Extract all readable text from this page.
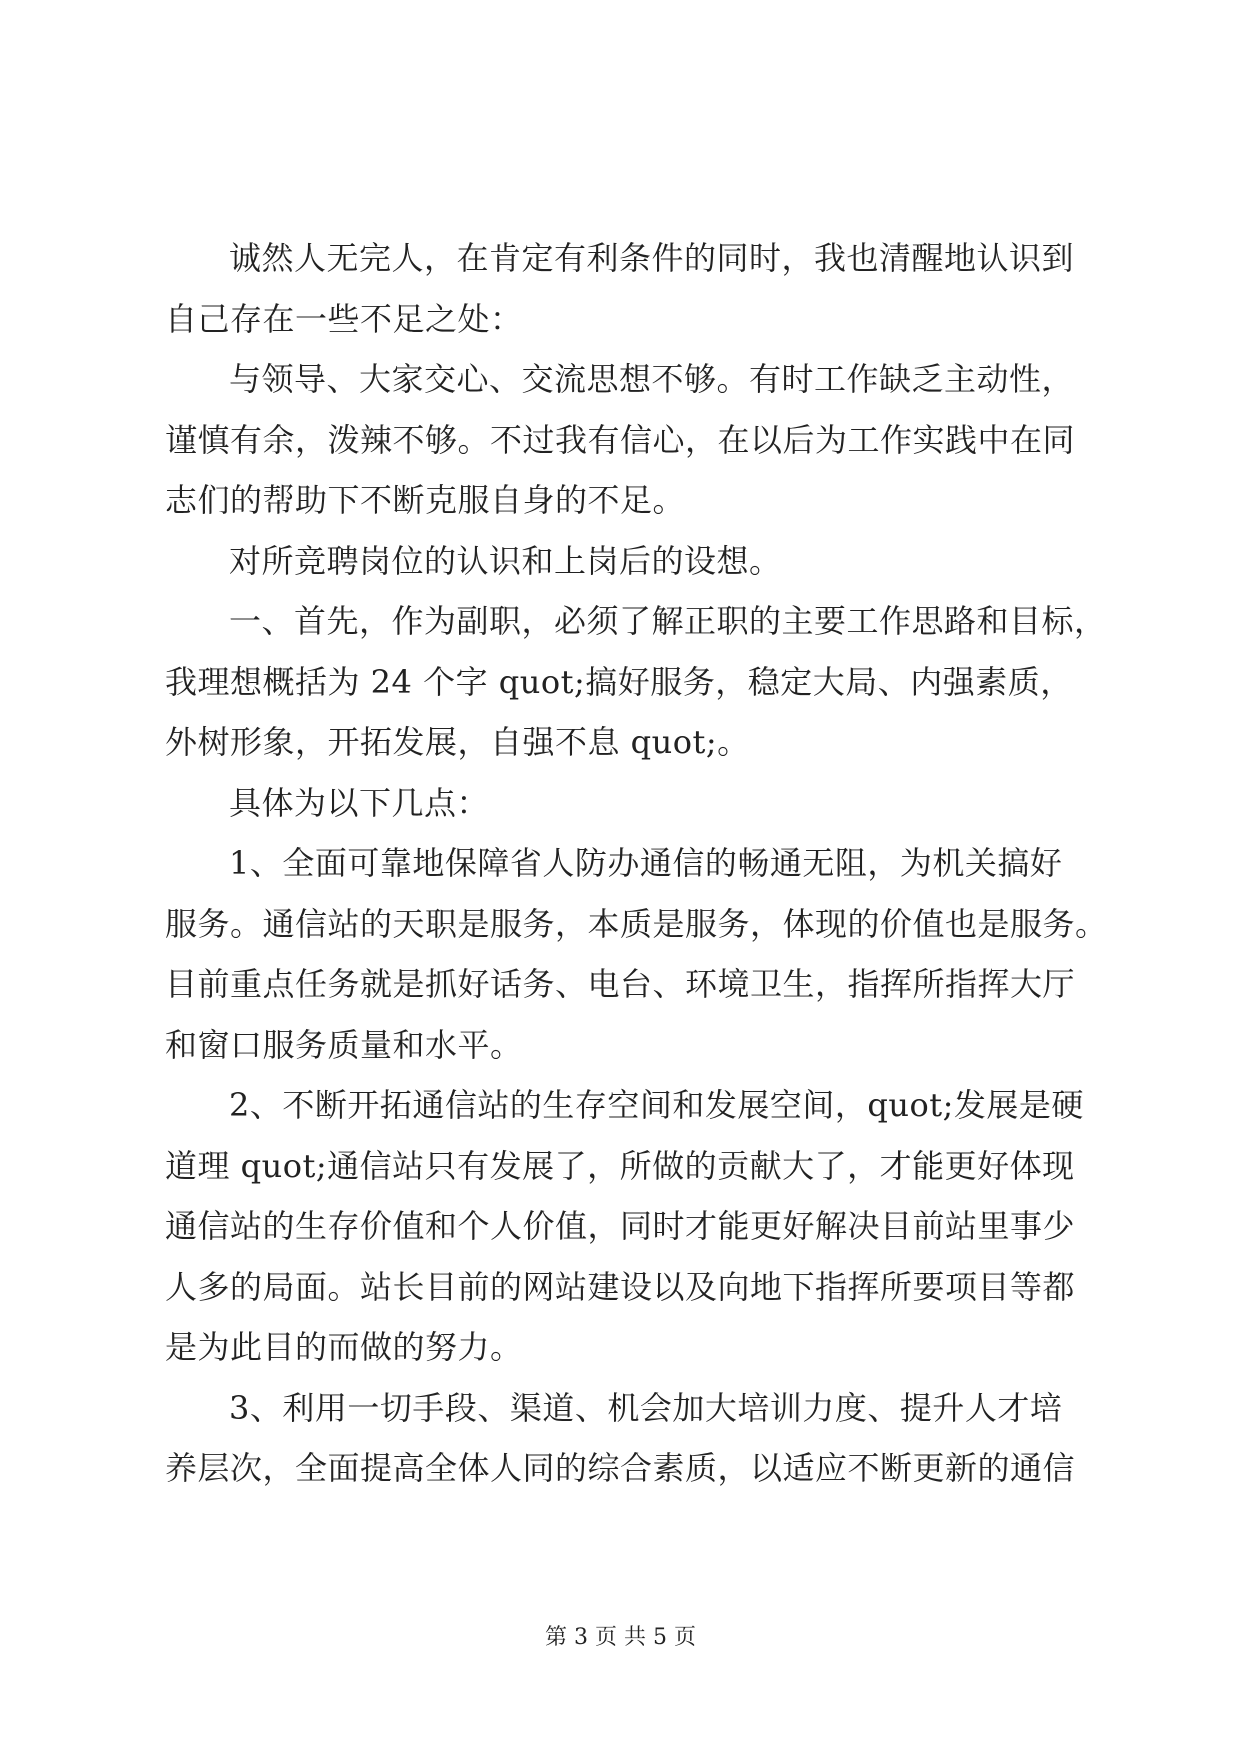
诚然人无完人，在肯定有利条件的同时，我也清醒地认识到
自己存在一些不足之处：
与领导、大家交心、交流思想不够。有时工作缺乏主动性，
谨慎有余，泼辣不够。不过我有信心，在以后为工作实践中在同
志们的帮助下不断克服自身的不足。
对所竞聘岗位的认识和上岗后的设想。
一、首先，作为副职，必须了解正职的主要工作思路和目标，
我理想概括为 24 个字 quot;搞好服务，稳定大局、内强素质，
外树形象，开拓发展，自强不息 quot;。
具体为以下几点：
1、全面可靠地保障省人防办通信的畅通无阻，为机关搞好
服务。通信站的天职是服务，本质是服务，体现的价值也是服务。
目前重点任务就是抓好话务、电台、环境卫生，指挥所指挥大厅
和窗口服务质量和水平。
2、不断开拓通信站的生存空间和发展空间，quot;发展是硬
道理 quot;通信站只有发展了，所做的贡献大了，才能更好体现
通信站的生存价值和个人价值，同时才能更好解决目前站里事少
人多的局面。站长目前的网站建设以及向地下指挥所要项目等都
是为此目的而做的努力。
3、利用一切手段、渠道、机会加大培训力度、提升人才培
养层次，全面提高全体人同的综合素质，以适应不断更新的通信
第 3 页 共 5 页
